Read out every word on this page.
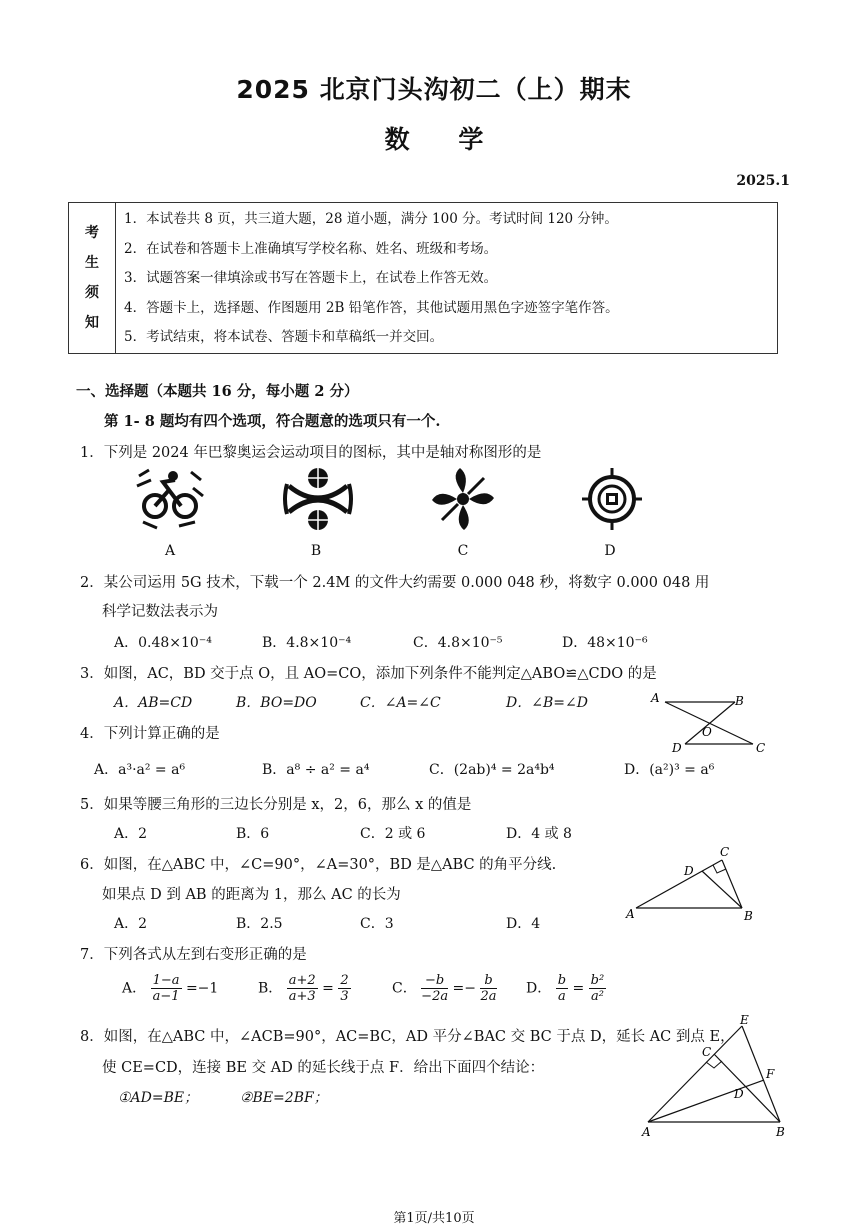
2025 北京门头沟初二（上）期末
数 学
2025.1
考
生
须
知

1．本试卷共 8 页，共三道大题，28 道小题，满分 100 分。考试时间 120 分钟。
2．在试卷和答题卡上准确填写学校名称、姓名、班级和考场。
3．试题答案一律填涂或书写在答题卡上，在试卷上作答无效。
4．答题卡上，选择题、作图题用 2B 铅笔作答，其他试题用黑色字迹签字笔作答。
5．考试结束，将本试卷、答题卡和草稿纸一并交回。
一、选择题（本题共 16 分，每小题 2 分）
第 1- 8 题均有四个选项，符合题意的选项只有一个.
1．下列是 2024 年巴黎奥运会运动项目的图标，其中是轴对称图形的是
A	B	C	D
2．某公司运用 5G 技术，下载一个 2.4M 的文件大约需要 0.000 048 秒，将数字 0.000 048 用
科学记数法表示为
A．0.48×10⁻⁴	B．4.8×10⁻⁴	C．4.8×10⁻⁵	D．48×10⁻⁶
3．如图，AC，BD 交于点 O，且 AO=CO，添加下列条件不能判定△ABO≌△CDO 的是
A．AB=CD	B．BO=DO	C．∠A=∠C	D．∠B=∠D	A	B
O
D	C
4．下列计算正确的是
A．a³·a² = a⁶	B．a⁸ ÷ a² = a⁴	C．(2ab)⁴ = 2a⁴b⁴	D．(a²)³ = a⁶
5．如果等腰三角形的三边长分别是 x，2，6，那么 x 的值是
A．2	B．6	C．2 或 6	D．4 或 8
6．如图，在△ABC 中，∠C=90°，∠A=30°，BD 是△ABC 的角平分线.
如果点 D 到 AB 的距离为 1，那么 AC 的长为
A．2	B．2.5	C．3	D．4
C
D
A	B
7．下列各式从左到右变形正确的是
A． $\frac{1-a}{a-1} =-1$	B． $\frac{a+2}{a+3} = \frac{2}{3}$	C． $\frac{-b}{-2a} =- \frac{b}{2a}$ D． $\frac{b}{a} = \frac{\text{b²}}{\text{a²}}$
8．如图，在△ABC 中，∠ACB=90°，AC=BC，AD 平分∠BAC 交 BC 于点 D，延长 AC 到点 E，
使 CE=CD，连接 BE 交 AD 的延长线于点 F．给出下面四个结论：
①AD=BE；	②BE=2BF；
E
C
F
D
A	B
第1页/共10页
